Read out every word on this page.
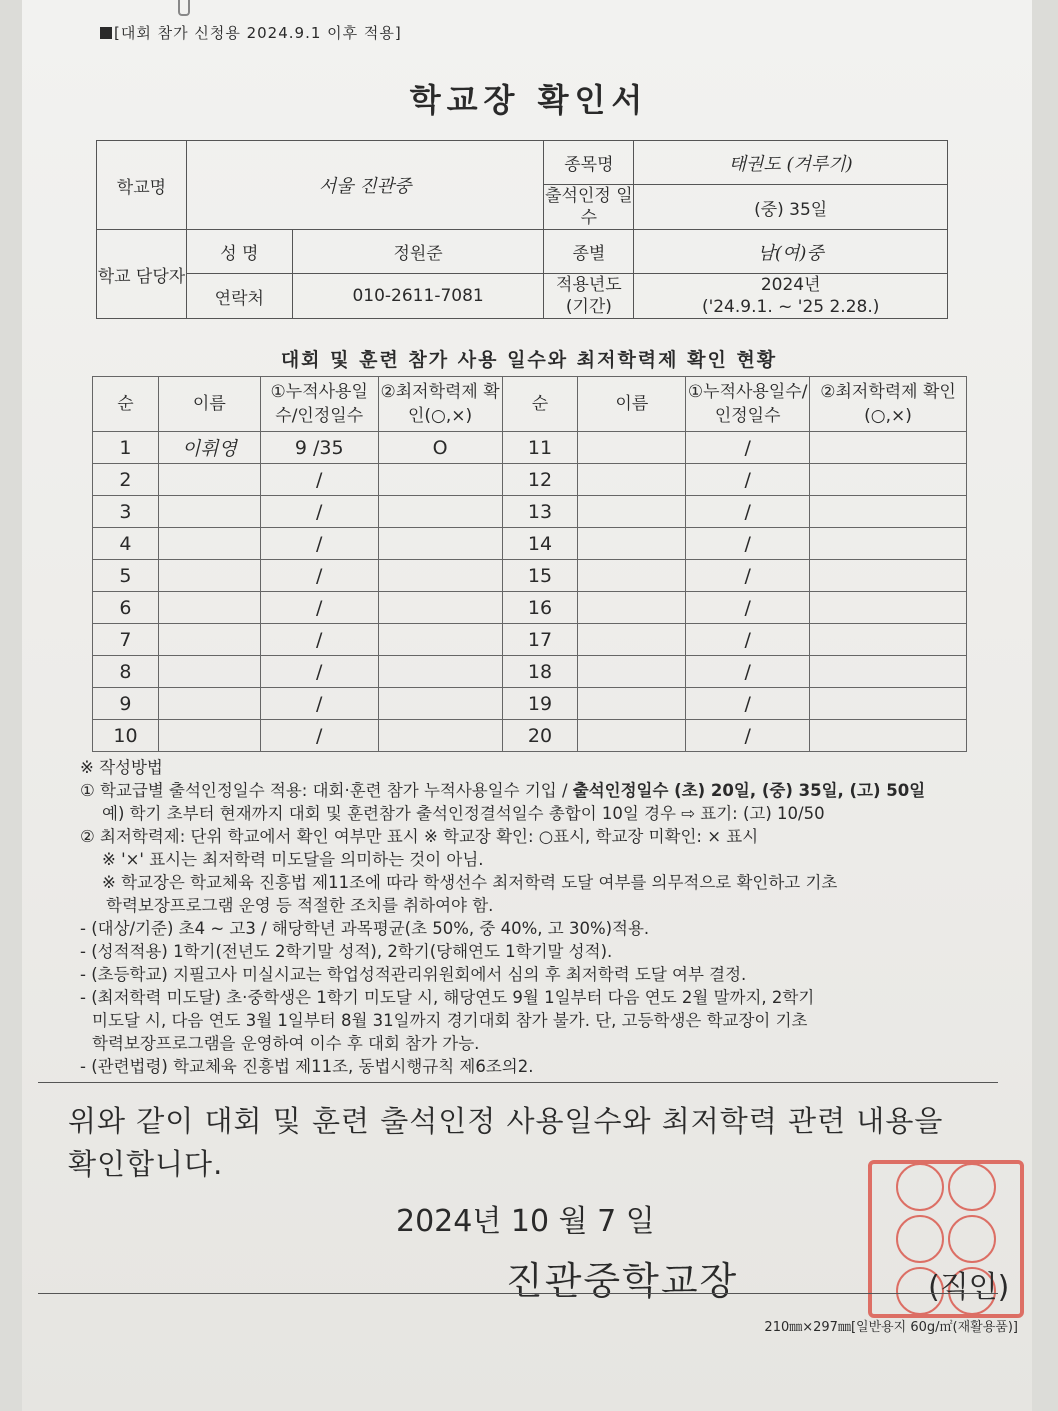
[대회 참가 신청용 2024.9.1 이후 적용]
학교장 확인서
학교명	서울 진관중		종목명	태권도 (겨루기)
			출석인정 일수	(중) 35일
학교 담당자	성 명	정원준	종별	남(여)중
	연락처	010-2611-7081	적용년도 (기간)	2024년
('24.9.1. ~ '25 2.28.)
대회 및 훈련 참가 사용 일수와 최저학력제 확인 현황
순	이름	①누적사용일수/인정일수	②최저학력제 확인(○,×)	순	이름	①누적사용일수/인정일수	②최저학력제 확인(○,×)
1	이휘영	9 /35	O	11		/	
2		/		12		/	
3		/		13		/	
4		/		14		/	
5		/		15		/	
6		/		16		/	
7		/		17		/	
8		/		18		/	
9		/		19		/	
10		/		20		/	
※ 작성방법
① 학교급별 출석인정일수 적용: 대회·훈련 참가 누적사용일수 기입 / 출석인정일수 (초) 20일, (중) 35일, (고) 50일
예) 학기 초부터 현재까지 대회 및 훈련참가 출석인정결석일수 총합이 10일 경우 ⇨ 표기: (고) 10/50
② 최저학력제: 단위 학교에서 확인 여부만 표시 ※ 학교장 확인: ○표시, 학교장 미확인: × 표시
※ '×' 표시는 최저학력 미도달을 의미하는 것이 아님.
※ 학교장은 학교체육 진흥법 제11조에 따라 학생선수 최저학력 도달 여부를 의무적으로 확인하고 기초
학력보장프로그램 운영 등 적절한 조치를 취하여야 함.
- (대상/기준) 초4 ~ 고3 / 해당학년 과목평균(초 50%, 중 40%, 고 30%)적용.
- (성적적용) 1학기(전년도 2학기말 성적), 2학기(당해연도 1학기말 성적).
- (초등학교) 지필고사 미실시교는 학업성적관리위원회에서 심의 후 최저학력 도달 여부 결정.
- (최저학력 미도달) 초·중학생은 1학기 미도달 시, 해당연도 9월 1일부터 다음 연도 2월 말까지, 2학기
미도달 시, 다음 연도 3월 1일부터 8월 31일까지 경기대회 참가 불가. 단, 고등학생은 학교장이 기초
학력보장프로그램을 운영하여 이수 후 대회 참가 가능.
- (관련법령) 학교체육 진흥법 제11조, 동법시행규칙 제6조의2.
위와 같이 대회 및 훈련 출석인정 사용일수와 최저학력 관련 내용을
확인합니다.
2024년 10 월 7 일
진관중학교장	(직인)
210㎜×297㎜[일반용지 60g/㎡(재활용품)]
